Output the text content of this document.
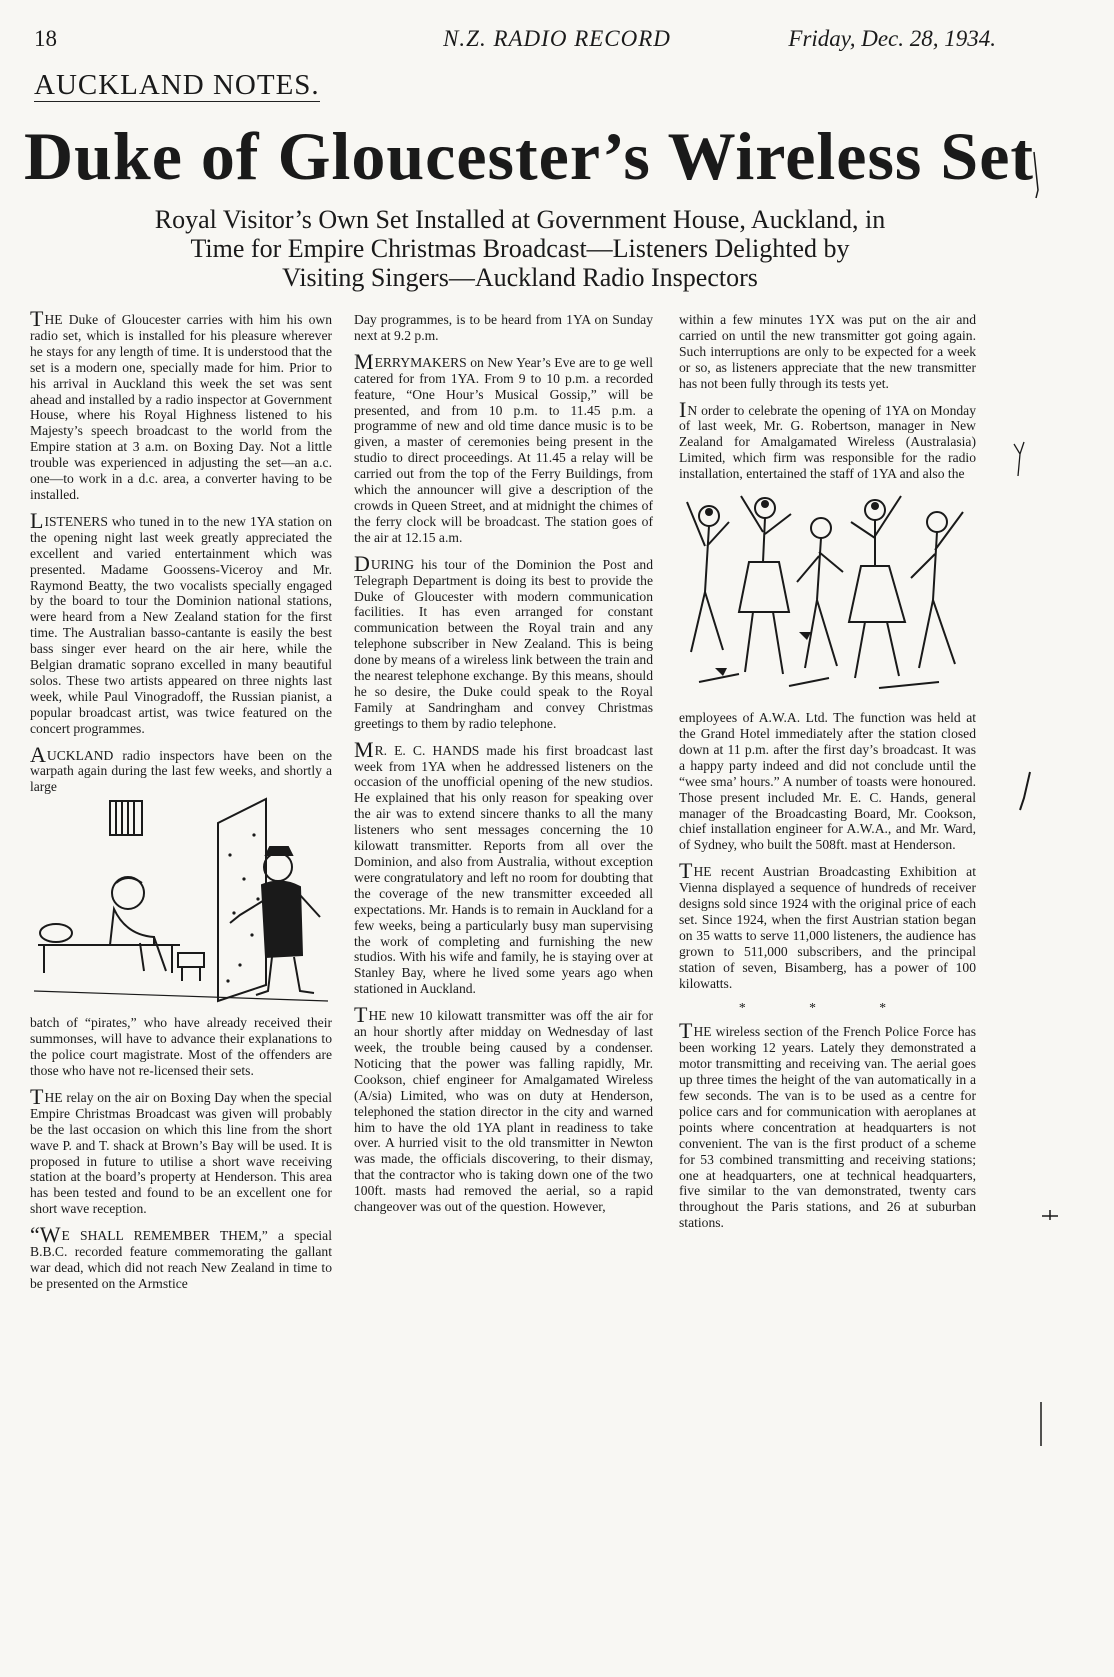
18	N.Z. RADIO RECORD	Friday, Dec. 28, 1934.
AUCKLAND NOTES.
Duke of Gloucester’s Wireless Set
Royal Visitor’s Own Set Installed at Government House, Auckland, in
Time for Empire Christmas Broadcast—Listeners Delighted by
Visiting Singers—Auckland Radio Inspectors

THE Duke of Gloucester carries with him his own radio set, which is installed for his pleasure wherever he stays for any length of time. It is understood that the set is a modern one, specially made for him. Prior to his arrival in Auckland this week the set was sent ahead and installed by a radio inspector at Government House, where his Royal Highness listened to his Majesty’s speech broadcast to the world from the Empire station at 3 a.m. on Boxing Day. Not a little trouble was experienced in adjusting the set—an a.c. one—to work in a d.c. area, a converter having to be installed.

LISTENERS who tuned in to the new 1YA station on the opening night last week greatly appreciated the excellent and varied entertainment which was presented. Madame Goossens-Viceroy and Mr. Raymond Beatty, the two vocalists specially engaged by the board to tour the Dominion national stations, were heard from a New Zealand station for the first time. The Australian basso-cantante is easily the best bass singer ever heard on the air here, while the Belgian dramatic soprano excelled in many beautiful solos. These two artists appeared on three nights last week, while Paul Vinogradoff, the Russian pianist, a popular broadcast artist, was twice featured on the concert programmes.

AUCKLAND radio inspectors have been on the warpath again during the last few weeks, and shortly a large

batch of “pirates,” who have already received their summonses, will have to advance their explanations to the police court magistrate. Most of the offenders are those who have not re-licensed their sets.

THE relay on the air on Boxing Day when the special Empire Christmas Broadcast was given will probably be the last occasion on which this line from the short wave P. and T. shack at Brown’s Bay will be used. It is proposed in future to utilise a short wave receiving station at the board’s property at Henderson. This area has been tested and found to be an excellent one for short wave reception.

“W E SHALL REMEMBER THEM,” a special B.B.C. recorded feature commemorating the gallant war dead, which did not reach New Zealand in time to be presented on the Armstice

Day programmes, is to be heard from 1YA on Sunday next at 9.2 p.m.

MERRYMAKERS on New Year’s Eve are to ge well catered for from 1YA. From 9 to 10 p.m. a recorded feature, “One Hour’s Musical Gossip,” will be presented, and from 10 p.m. to 11.45 p.m. a programme of new and old time dance music is to be given, a master of ceremonies being present in the studio to direct proceedings. At 11.45 a relay will be carried out from the top of the Ferry Buildings, from which the announcer will give a description of the crowds in Queen Street, and at midnight the chimes of the ferry clock will be broadcast. The station goes of the air at 12.15 a.m.

DURING his tour of the Dominion the Post and Telegraph Department is doing its best to provide the Duke of Gloucester with modern communication facilities. It has even arranged for constant communication between the Royal train and any telephone subscriber in New Zealand. This is being done by means of a wireless link between the train and the nearest telephone exchange. By this means, should he so desire, the Duke could speak to the Royal Family at Sandringham and convey Christmas greetings to them by radio telephone.

M R. E. C. HANDS made his first broadcast last week from 1YA when he addressed listeners on the occasion of the unofficial opening of the new studios. He explained that his only reason for speaking over the air was to extend sincere thanks to all the many listeners who sent messages concerning the 10 kilowatt transmitter. Reports from all over the Dominion, and also from Australia, without exception were congratulatory and left no room for doubting that the coverage of the new transmitter exceeded all expectations. Mr. Hands is to remain in Auckland for a few weeks, being a particularly busy man supervising the work of completing and furnishing the new studios. With his wife and family, he is staying over at Stanley Bay, where he lived some years ago when stationed in Auckland.

THE new 10 kilowatt transmitter was off the air for an hour shortly after midday on Wednesday of last week, the trouble being caused by a condenser. Noticing that the power was falling rapidly, Mr. Cookson, chief engineer for Amalgamated Wireless (A/sia) Limited, who was on duty at Henderson, telephoned the station director in the city and warned him to have the old 1YA plant in readiness to take over. A hurried visit to the old transmitter in Newton was made, the officials discovering, to their dismay, that the contractor who is taking down one of the two 100ft. masts had removed the aerial, so a rapid changeover was out of the question. However,

within a few minutes 1YX was put on the air and carried on until the new transmitter got going again. Such interruptions are only to be expected for a week or so, as listeners appreciate that the new transmitter has not been fully through its tests yet.

I N order to celebrate the opening of 1YA on Monday of last week, Mr. G. Robertson, manager in New Zealand for Amalgamated Wireless (Australasia) Limited, which firm was responsible for the radio installation, entertained the staff of 1YA and also the

employees of A.W.A. Ltd. The function was held at the Grand Hotel immediately after the station closed down at 11 p.m. after the first day’s broadcast. It was a happy party indeed and did not conclude until the “wee sma’ hours.” A number of toasts were honoured. Those present included Mr. E. C. Hands, general manager of the Broadcasting Board, Mr. Cookson, chief installation engineer for A.W.A., and Mr. Ward, of Sydney, who built the 508ft. mast at Henderson.

THE recent Austrian Broadcasting Exhibition at Vienna displayed a sequence of hundreds of receiver designs sold since 1924 with the original price of each set. Since 1924, when the first Austrian station began on 35 watts to serve 11,000 listeners, the audience has grown to 511,000 subscribers, and the principal station of seven, Bisamberg, has a power of 100 kilowatts.

* * *

THE wireless section of the French Police Force has been working 12 years. Lately they demonstrated a motor transmitting and receiving van. The aerial goes up three times the height of the van automatically in a few seconds. The van is to be used as a centre for police cars and for communication with aeroplanes at points where concentration at headquarters is not convenient. The van is the first product of a scheme for 53 combined transmitting and receiving stations; one at headquarters, one at technical headquarters, five similar to the van demonstrated, twenty cars throughout the Paris stations, and 26 at suburban stations.
